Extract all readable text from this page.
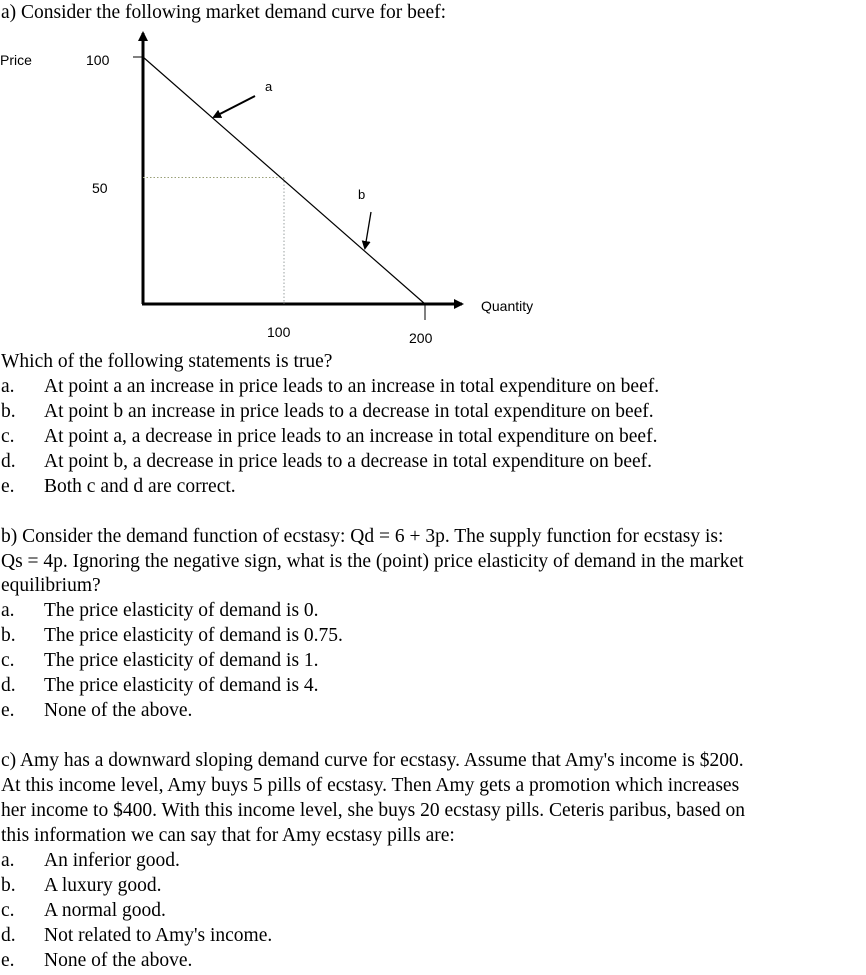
a) Consider the following market demand curve for beef:
Price	100
50
100	200
Quantity
a
b
Which of the following statements is true?
a. At point a an increase in price leads to an increase in total expenditure on beef.
b. At point b an increase in price leads to a decrease in total expenditure on beef.
c. At point a, a decrease in price leads to an increase in total expenditure on beef.
d. At point b, a decrease in price leads to a decrease in total expenditure on beef.
e. Both c and d are correct.
b) Consider the demand function of ecstasy: Qd = 6 + 3p. The supply function for ecstasy is:
Qs = 4p. Ignoring the negative sign, what is the (point) price elasticity of demand in the market
equilibrium?
a. The price elasticity of demand is 0.
b. The price elasticity of demand is 0.75.
c. The price elasticity of demand is 1.
d. The price elasticity of demand is 4.
e. None of the above.
c) Amy has a downward sloping demand curve for ecstasy. Assume that Amy's income is $200.
At this income level, Amy buys 5 pills of ecstasy. Then Amy gets a promotion which increases
her income to $400. With this income level, she buys 20 ecstasy pills. Ceteris paribus, based on
this information we can say that for Amy ecstasy pills are:
a. An inferior good.
b. A luxury good.
c. A normal good.
d. Not related to Amy's income.
e. None of the above.
